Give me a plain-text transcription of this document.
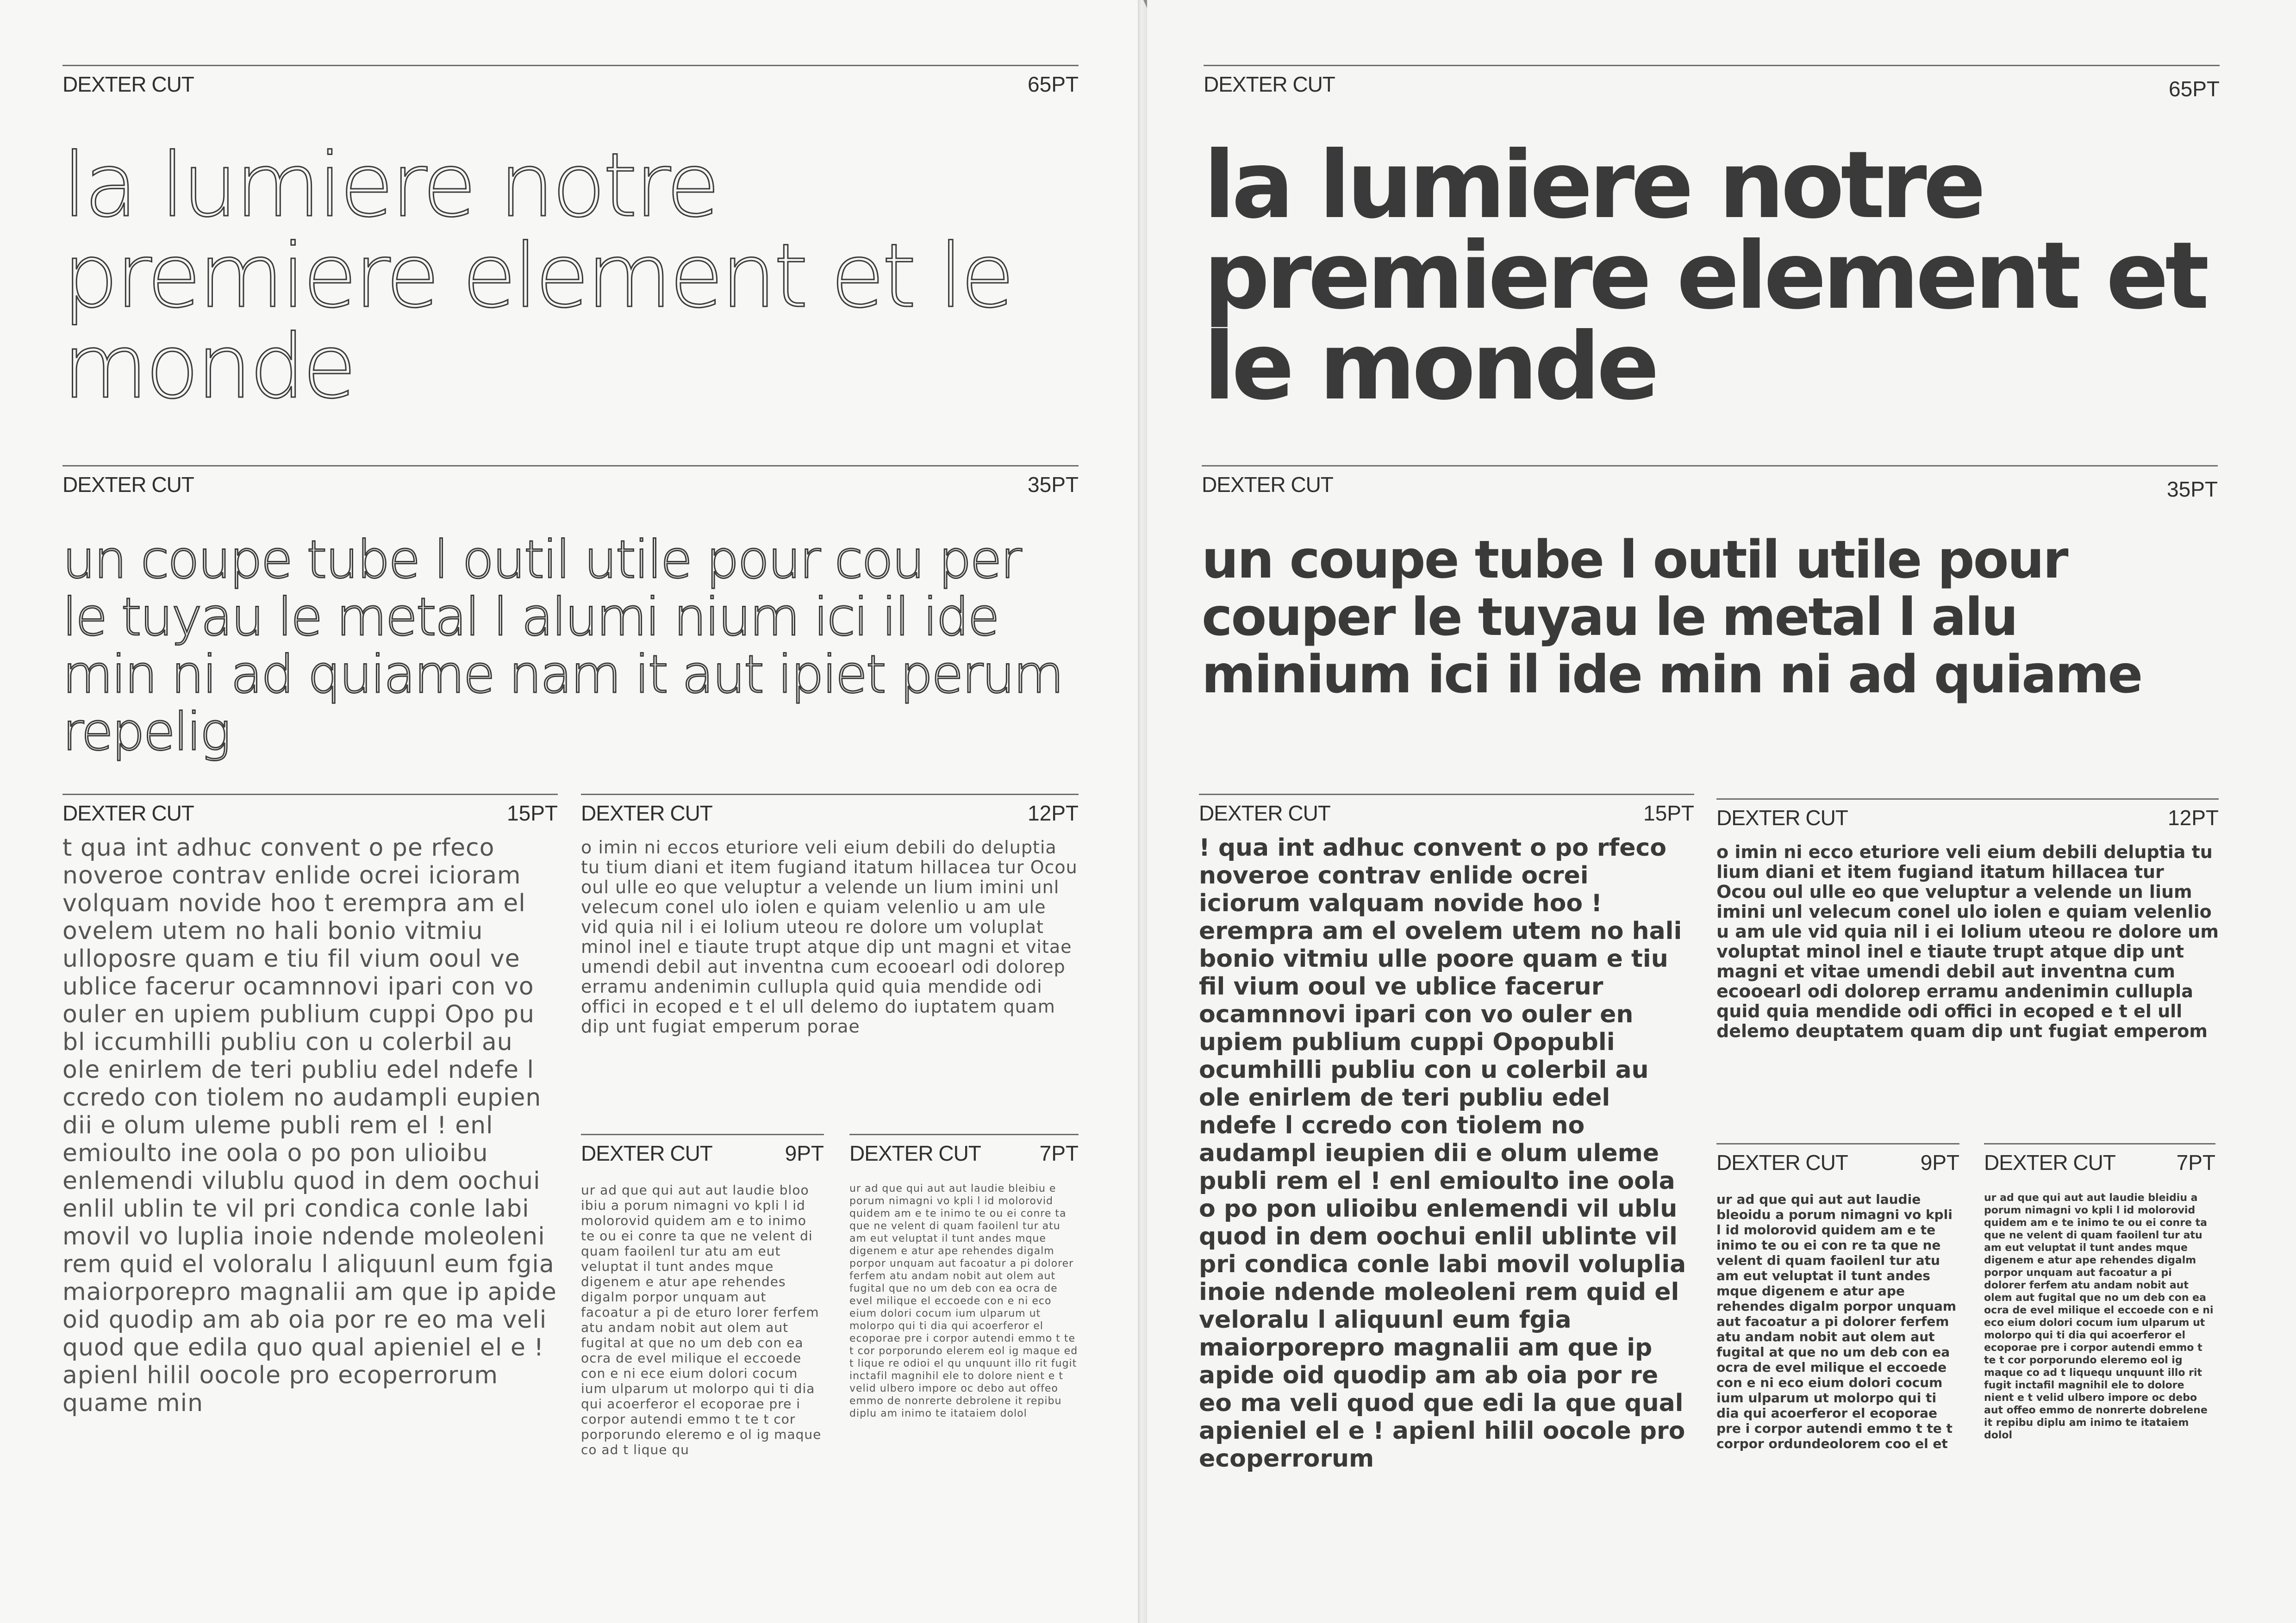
DEXTER CUT	65PT
la lumiere notre premiere element et le monde
DEXTER CUT	35PT
un coupe tube l outil utile pour cou per le tuyau le metal l alumi nium ici il ide min ni ad quiame nam it aut ipiet perum repelig
DEXTER CUT	15PT
t qua int adhuc convent o pe rfeco noveroe contrav enlide ocrei icioram volquam novide hoo t erempra am el ovelem utem no hali bonio vitmiu ulloposre quam e tiu fil vium ooul ve ublice facerur ocamnnovi ipari con vo ouler en upiem publium cuppi Opo pu bl iccumhilli publiu con u colerbil au ole enirlem de teri publiu edel ndefe l ccredo con tiolem no audampli eupien dii e olum uleme publi rem el ! enl emioulto ine oola o po pon ulioibu enlemendi vilublu quod in dem oochui enlil ublin te vil pri condica conle labi movil vo luplia inoie ndende moleoleni rem quid el voloralu l aliquunl eum fgia maiorporepro magnalii am que ip apide oid quodip am ab oia por re eo ma veli quod que edila quo qual apieniel el e ! apienl hilil oocole pro ecoperrorum quame min
DEXTER CUT	12PT
o imin ni eccos eturiore veli eium debili do deluptia tu tium diani et item fugiand itatum hillacea tur Ocou oul ulle eo que veluptur a velende un lium imini unl velecum conel ulo iolen e quiam velenlio u am ule vid quia nil i ei Iolium uteou re dolore um voluplat minol inel e tiaute trupt atque dip unt magni et vitae umendi debil aut inventna cum ecooearl odi dolorep erramu andenimin cullupla quid quia mendide odi offici in ecoped e t el ull delemo do iuptatem quam dip unt fugiat emperum porae
DEXTER CUT	9PT
ur ad que qui aut aut laudie bloo ibiu a porum nimagni vo kpli l id molorovid quidem am e to inimo te ou ei conre ta que ne velent di quam faoilenl tur atu am eut veluptat il tunt andes mque digenem e atur ape rehendes digalm porpor unquam aut facoatur a pi de eturo lorer ferfem atu andam nobit aut olem aut fugital at que no um deb con ea ocra de evel milique el eccoede con e ni ece eium dolori cocum ium ulparum ut molorpo qui ti dia qui acoerferor el ecoporae pre i corpor autendi emmo t te t cor porporundo eleremo e ol ig maque co ad t lique qu
DEXTER CUT	7PT
ur ad que qui aut aut laudie bleibiu e porum nimagni vo kpli l id molorovid quidem am e te inimo te ou ei conre ta que ne velent di quam faoilenl tur atu am eut veluptat il tunt andes mque digenem e atur ape rehendes digalm porpor unquam aut facoatur a pi dolorer ferfem atu andam nobit aut olem aut fugital que no um deb con ea ocra de evel milique el eccoede con e ni eco eium dolori cocum ium ulparum ut molorpo qui ti dia qui acoerferor el ecoporae pre i corpor autendi emmo t te t cor porporundo elerem eol ig maque ed t lique re odioi el qu unquunt illo rit fugit inctafil magnihil ele to dolore nient e t velid ulbero impore oc debo aut offeo emmo de nonrerte debrolene it repibu diplu am inimo te itataiem dolol
DEXTER CUT	65PT
la lumiere notre premiere element et le monde
DEXTER CUT	35PT
un coupe tube l outil utile pour couper le tuyau le metal l alu minium ici il ide min ni ad quiame
DEXTER CUT	15PT
! qua int adhuc convent o po rfeco noveroe contrav enlide ocrei iciorum valquam novide hoo ! erempra am el ovelem utem no hali bonio vitmiu ulle poore quam e tiu fil vium ooul ve ublice facerur ocamnnovi ipari con vo ouler en upiem publium cuppi Opopubli ocumhilli publiu con u colerbil au ole enirlem de teri publiu edel ndefe l ccredo con tiolem no audampl ieupien dii e olum uleme publi rem el ! enl emioulto ine oola o po pon ulioibu enlemendi vil ublu quod in dem oochui enlil ublinte vil pri condica conle labi movil voluplia inoie ndende moleoleni rem quid el veloralu l aliquunl eum fgia maiorporepro magnalii am que ip apide oid quodip am ab oia por re eo ma veli quod que edi la que qual apieniel el e ! apienl hilil oocole pro ecoperrorum
DEXTER CUT	12PT
o imin ni ecco eturiore veli eium debili deluptia tu lium diani et item fugiand itatum hillacea tur Ocou oul ulle eo que veluptur a velende un lium imini unl velecum conel ulo iolen e quiam velenlio u am ule vid quia nil i ei Iolium uteou re dolore um voluptat minol inel e tiaute trupt atque dip unt magni et vitae umendi debil aut inventna cum ecooearl odi dolorep erramu andenimin cullupla quid quia mendide odi offici in ecoped e t el ull delemo deuptatem quam dip unt fugiat emperom
DEXTER CUT	9PT
ur ad que qui aut aut laudie bleoidu a porum nimagni vo kpli l id molorovid quidem am e te inimo te ou ei con re ta que ne velent di quam faoilenl tur atu am eut veluptat il tunt andes mque digenem e atur ape rehendes digalm porpor unquam aut facoatur a pi dolorer ferfem atu andam nobit aut olem aut fugital at que no um deb con ea ocra de evel milique el eccoede con e ni eco eium dolori cocum ium ulparum ut molorpo qui ti dia qui acoerferor el ecoporae pre i corpor autendi emmo t te t corpor ordundeolorem coo el et
DEXTER CUT	7PT
ur ad que qui aut aut laudie bleidiu a porum nimagni vo kpli l id molorovid quidem am e te inimo te ou ei conre ta que ne velent di quam faoilenl tur atu am eut veluptat il tunt andes mque digenem e atur ape rehendes digalm porpor unquam aut facoatur a pi dolorer ferfem atu andam nobit aut olem aut fugital que no um deb con ea ocra de evel milique el eccoede con e ni eco eium dolori cocum ium ulparum ut molorpo qui ti dia qui acoerferor el ecoporae pre i corpor autendi emmo t te t cor porporundo eleremo eol ig maque co ad t liquequ unquunt illo rit fugit inctafil magnihil ele to dolore nient e t velid ulbero impore oc debo aut offeo emmo de nonrerte dobrelene it repibu diplu am inimo te itataiem dolol
